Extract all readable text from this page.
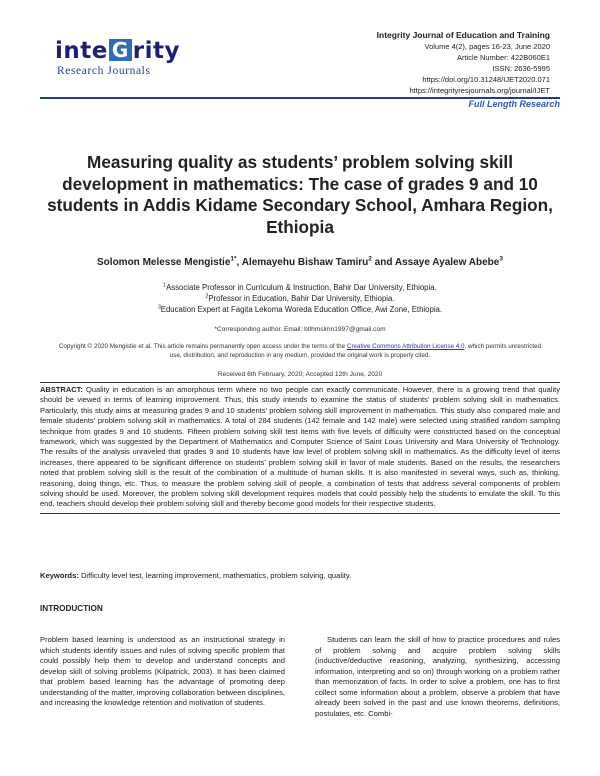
inte G rity
Research Journals
Integrity Journal of Education and Training
Volume 4(2), pages 16-23, June 2020
Article Number: 422B060E1
ISSN: 2636-5995
https://doi.org/10.31248/IJET2020.071
https://integrityresjournals.org/journal/IJET
Full Length Research
Measuring quality as students’ problem solving skill development in mathematics: The case of grades 9 and 10 students in Addis Kidame Secondary School, Amhara Region, Ethiopia
Solomon Melesse Mengistie$^{1*}$, Alemayehu Bishaw Tamiru$^2$ and Assaye Ayalew Abebe$^3$
$^1$Associate Professor in Curriculum & Instruction, Bahir Dar University, Ethiopia.
$^2$Professor in Education, Bahir Dar University, Ethiopia.
$^3$Education Expert at Fagita Lekoma Woreda Education Office, Awi Zone, Ethiopia.
*Corresponding author. Email: btlhmslmn1997@gmail.com
Copyright © 2020 Mengistie et al. This article remains permanently open access under the terms of the Creative Commons Attribution License 4.0, which permits unrestricted use, distribution, and reproduction in any medium, provided the original work is properly cited.
Received 6th February, 2020; Accepted 12th June, 2020
ABSTRACT: Quality in education is an amorphous term where no two people can exactly communicate. However, there is a growing trend that quality should be viewed in terms of learning improvement. Thus, this study intends to examine the status of students’ problem solving skill in mathematics. Particularly, this study aims at measuring grades 9 and 10 students’ problem solving skill improvement in mathematics. This study also compared male and female students’ problem solving skill in mathematics. A total of 284 students (142 female and 142 male) were selected using stratified random sampling technique from grades 9 and 10 students. Fifteen problem solving skill test items with five levels of difficulty were constructed based on the conceptual framework, which was suggested by the Department of Mathematics and Computer Science of Saint Louis University and Mara University of Technology. The results of the analysis unraveled that grades 9 and 10 students have low level of problem solving skill in mathematics. As the difficulty level of items increases, there appeared to be significant difference on students’ problem solving skill in favor of male students. Based on the results, the researchers noted that problem solving skill is the result of the combination of a multitude of human skills. It is also manifested in several ways, such as, thinking, reasoning, doing things, etc. Thus, to measure the problem solving skill of people, a combination of tests that address several components of problem solving should be used. Moreover, the problem solving skill development requires models that could possibly help the students to emulate the skill. To this end, teachers should develop their problem solving skill and thereby become good models for their respective students.
Keywords: Difficulty level test, learning improvement, mathematics, problem solving, quality.
INTRODUCTION
Problem based learning is understood as an instructional strategy in which students identify issues and rules of solving specific problem that could possibly help them to develop and understand concepts and develop skill of solving problems (Kilpatrick, 2003). It has been claimed that problem based learning has the advantage of promoting deep understanding of the matter, improving collaboration between disciplines, and increasing the knowledge retention and motivation of students.
Students can learn the skill of how to practice procedures and rules of problem solving and acquire problem solving skills (inductive/deductive reasoning, analyzing, synthesizing, accessing information, interpreting and so on) through working on a problem rather than memorization of facts. In order to solve a problem, one has to first collect some information about a problem, observe a problem that have already been solved in the past and use known theorems, definitions, postulates, etc. Combi-
